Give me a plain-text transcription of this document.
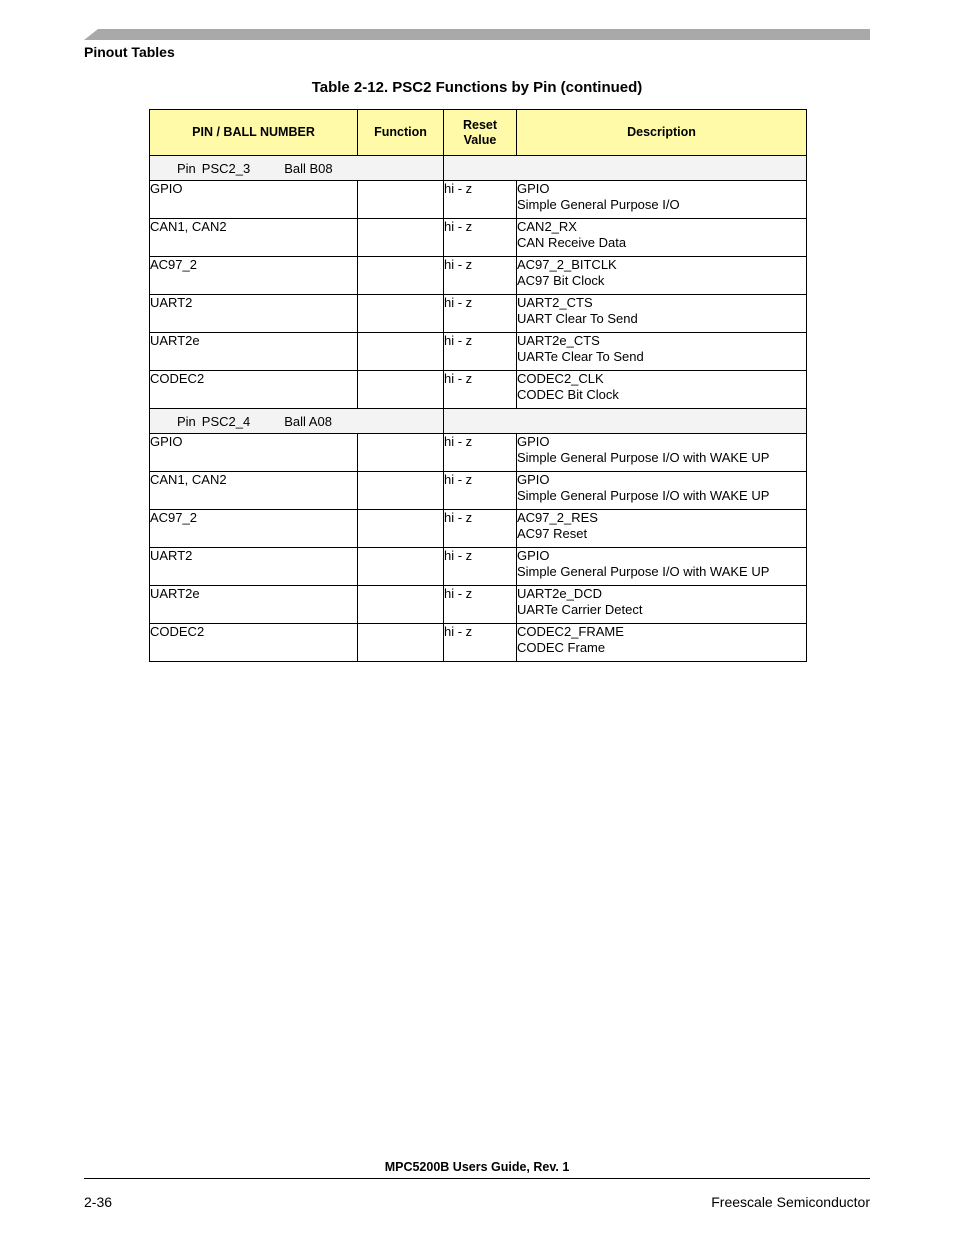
Pinout Tables
Table 2-12. PSC2 Functions by Pin (continued)
PIN / BALL NUMBER	Function	Reset Value	Description
Pin PSC2_3 Ball B08			
GPIO		hi - z	GPIO
Simple General Purpose I/O

CAN1, CAN2		hi - z	CAN2_RX
CAN Receive Data

AC97_2		hi - z	AC97_2_BITCLK
AC97 Bit Clock

UART2		hi - z	UART2_CTS
UART Clear To Send

UART2e		hi - z	UART2e_CTS
UARTe Clear To Send

CODEC2		hi - z	CODEC2_CLK
CODEC Bit Clock

Pin PSC2_4 Ball A08			
GPIO		hi - z	GPIO
Simple General Purpose I/O with WAKE UP

CAN1, CAN2		hi - z	GPIO
Simple General Purpose I/O with WAKE UP

AC97_2		hi - z	AC97_2_RES
AC97 Reset

UART2		hi - z	GPIO
Simple General Purpose I/O with WAKE UP

UART2e		hi - z	UART2e_DCD
UARTe Carrier Detect

CODEC2		hi - z	CODEC2_FRAME
CODEC Frame
MPC5200B Users Guide, Rev. 1
2-36	Freescale Semiconductor
